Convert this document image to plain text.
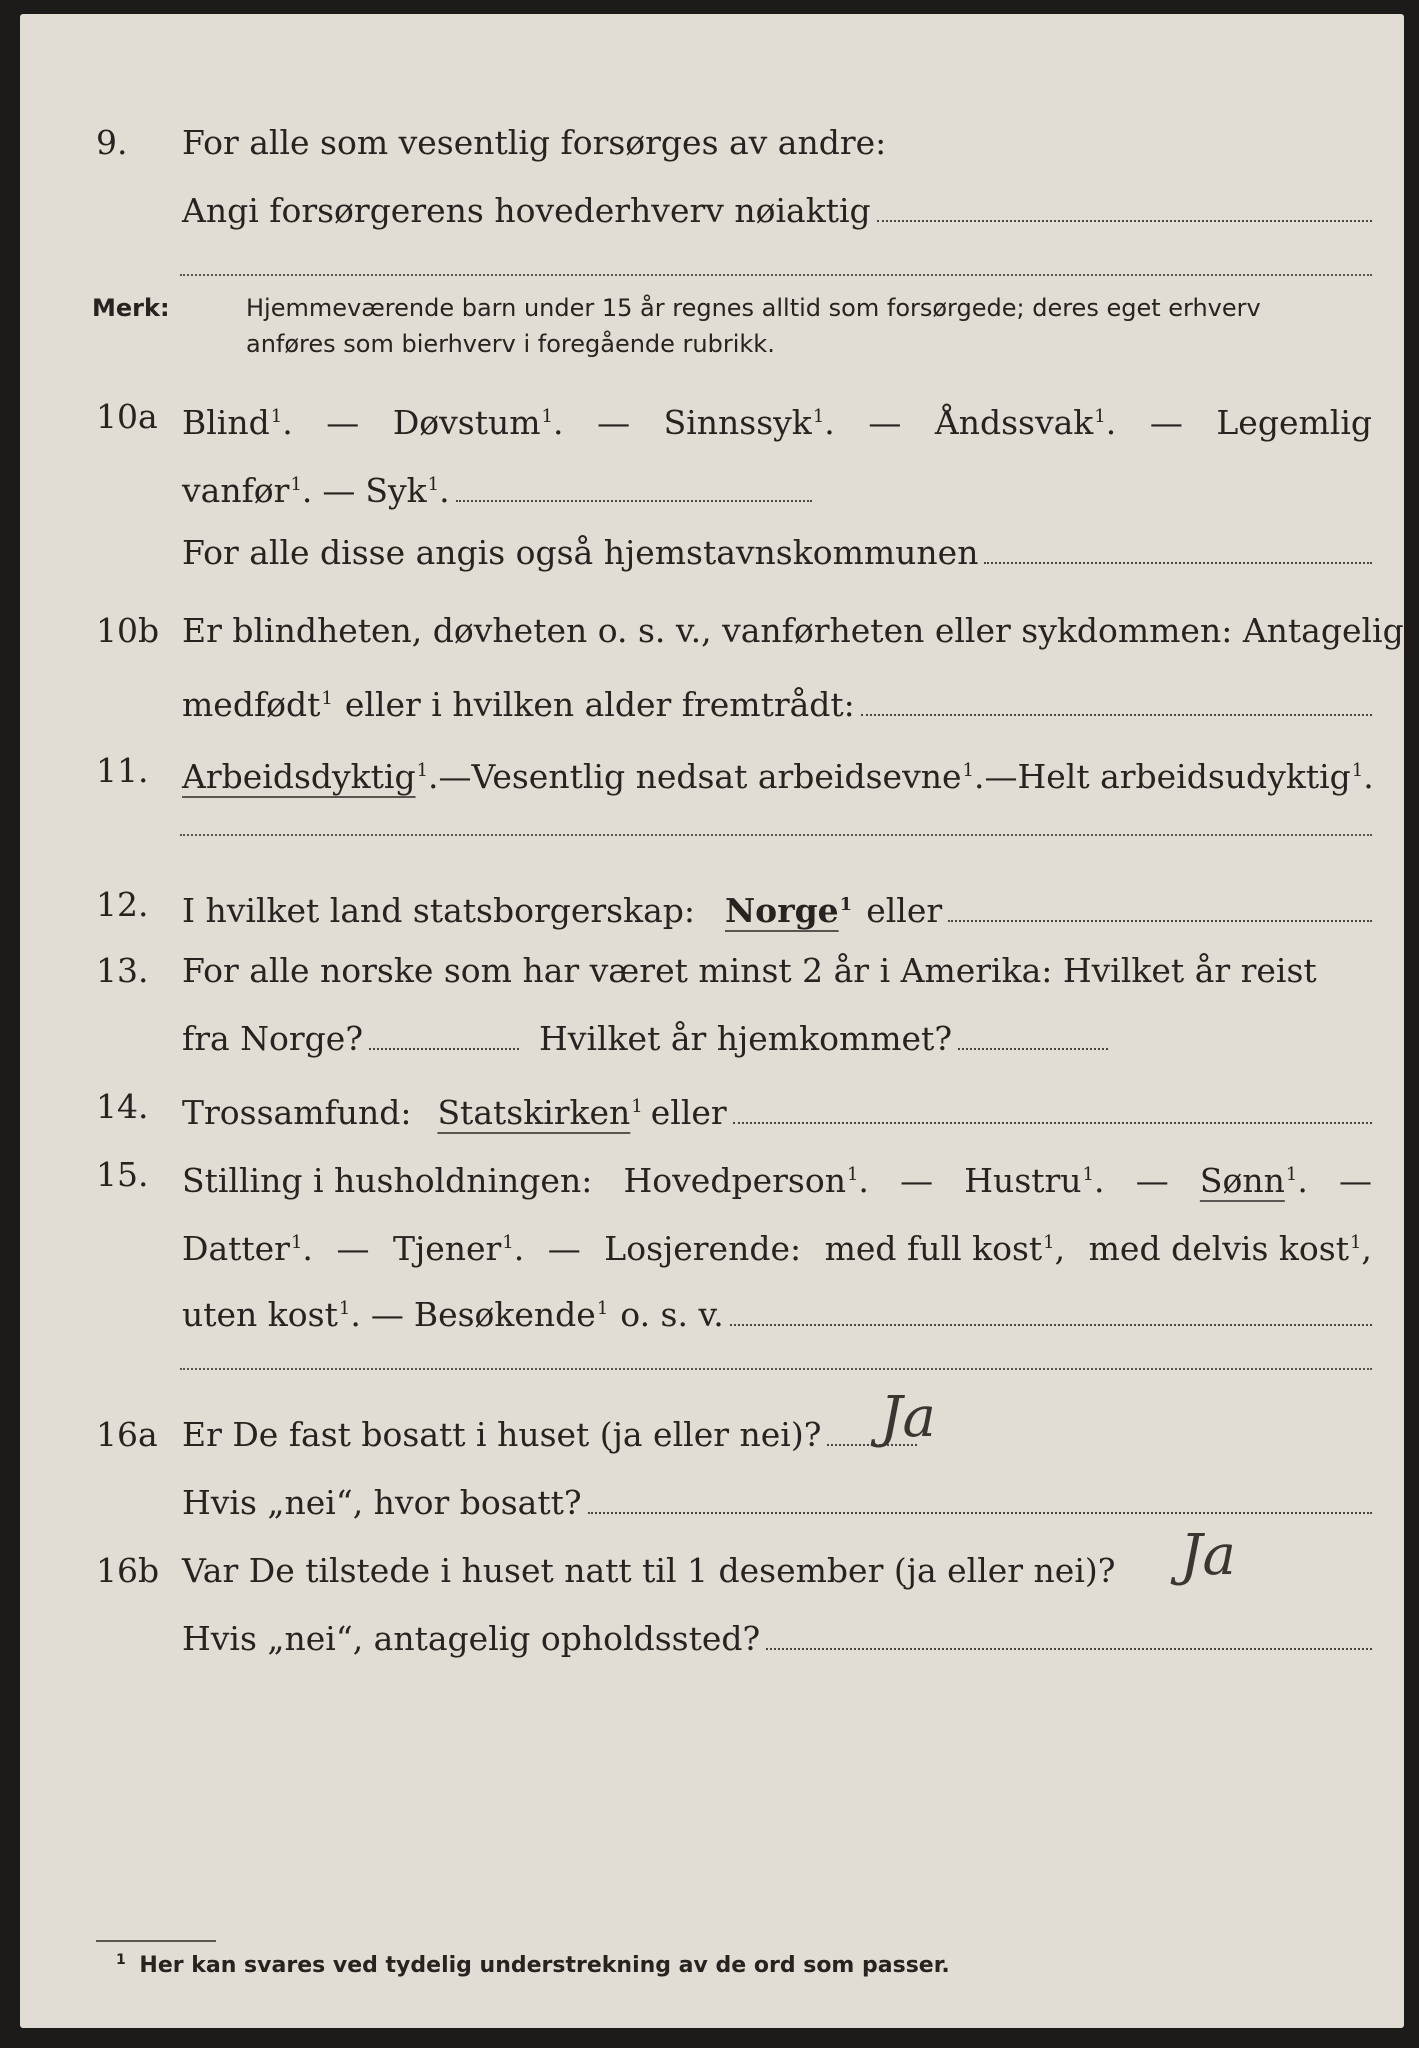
9.	For alle som vesentlig forsørges av andre:
Angi forsørgerens hovederhverv nøiaktig
Merk:	Hjemmeværende barn under 15 år regnes alltid som forsørgede; deres eget erhverv
anføres som bierhverv i foregående rubrikk.
10a Blind$^1$. — Døvstum$^1$. — Sinnssyk$^1$. — Åndssvak$^1$. — Legemlig
vanfør$^1$. — Syk$^1$.
For alle disse angis også hjemstavnskommunen
10b Er blindheten, døvheten o. s. v., vanførheten eller sykdommen: Antagelig
medfødt$^1$ eller i hvilken alder fremtrådt:
11.	Arbeidsdyktig$^1$. — Vesentlig nedsat arbeidsevne$^1$. — Helt arbeidsudyktig$^1$.
12.	I hvilket land statsborgerskap: Norge$^1$ eller
13.	For alle norske som har været minst 2 år i Amerika: Hvilket år reist
fra Norge?	Hvilket år hjemkommet?
14.	Trossamfund: Statskirken$^1$ eller
15.	Stilling i husholdningen: Hovedperson$^1$. — Hustru$^1$. — Sønn$^1$. —
Datter$^1$. — Tjener$^1$. — Losjerende: med full kost$^1$, med delvis kost$^1$,
uten kost$^1$. — Besøkende$^1$ o. s. v.
16a Er De fast bosatt i huset (ja eller nei)? Ja
Hvis „nei“, hvor bosatt?
16b Var De tilstede i huset natt til 1 desember (ja eller nei)? Ja
Hvis „nei“, antagelig opholdssted?
$^1$ Her kan svares ved tydelig understrekning av de ord som passer.
